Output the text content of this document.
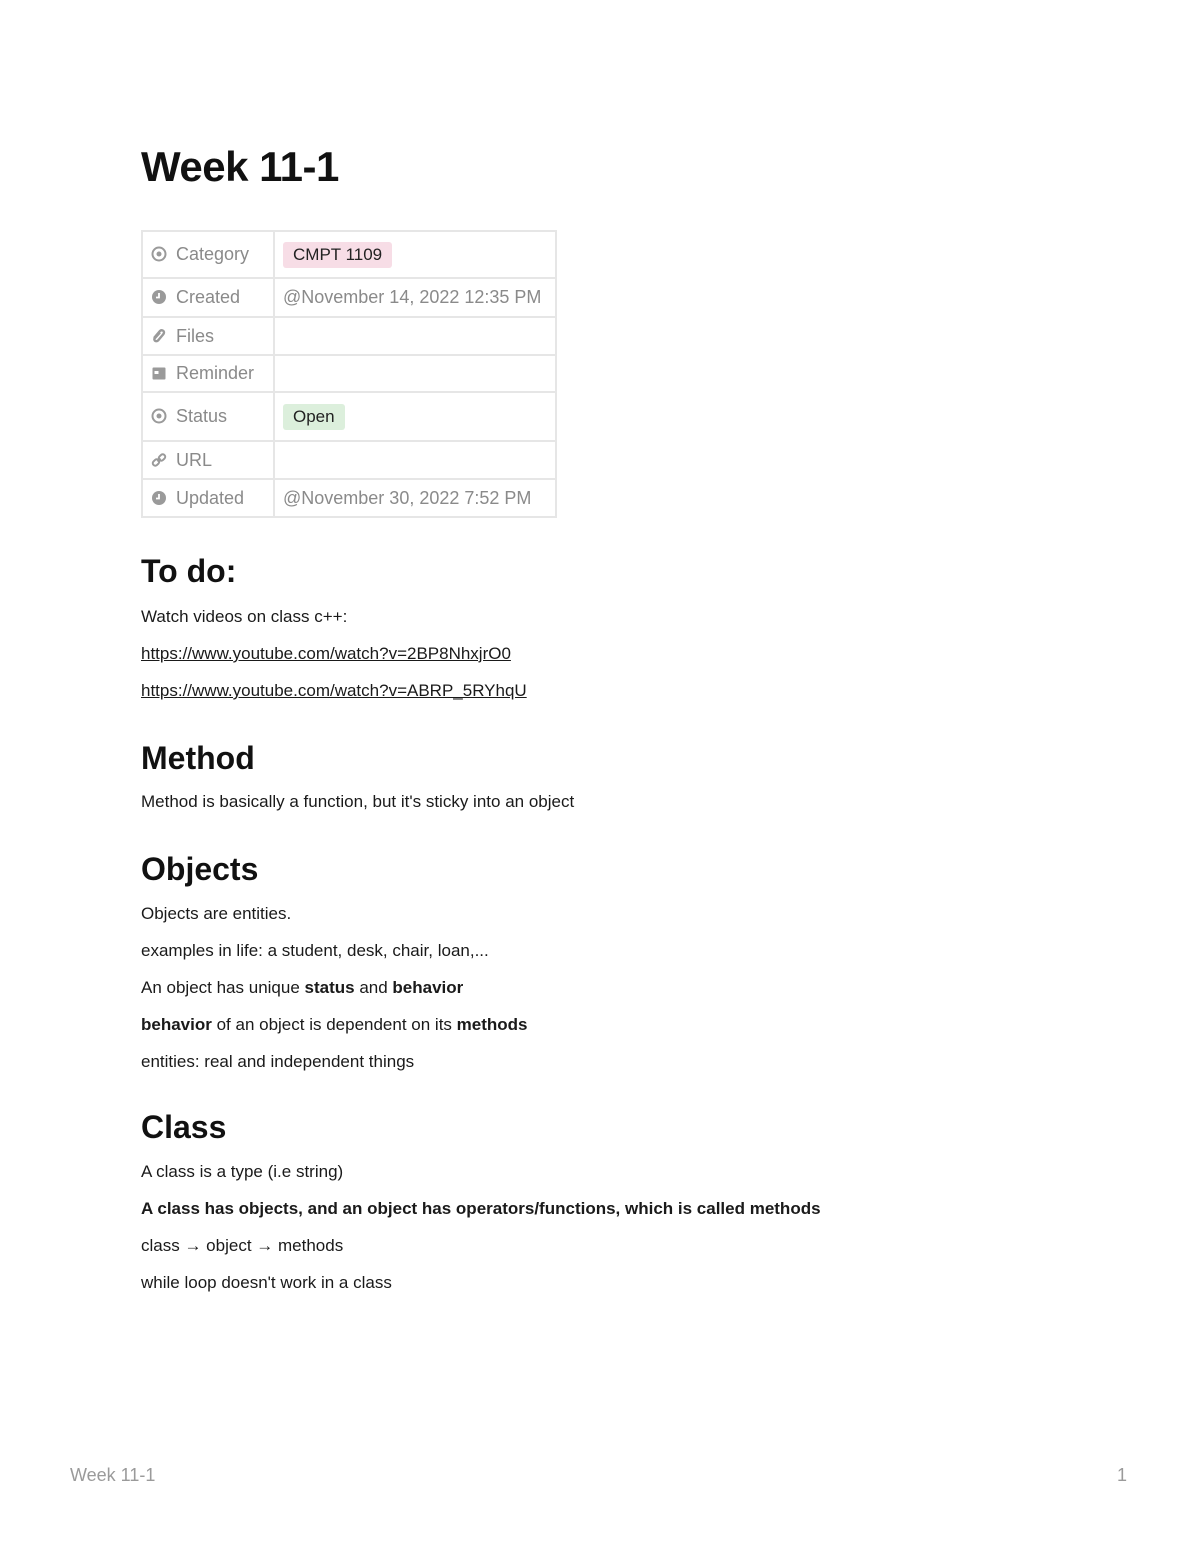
Week 11-1
Category	CMPT 1109
Created	@November 14, 2022 12:35 PM
Files	
Reminder	
Status	Open
URL	
Updated	@November 30, 2022 7:52 PM
To do:

Watch videos on class c++:

https://www.youtube.com/watch?v=2BP8NhxjrO0

https://www.youtube.com/watch?v=ABRP_5RYhqU

Method

Method is basically a function, but it's sticky into an object

Objects

Objects are entities.

examples in life: a student, desk, chair, loan,...

An object has unique status and behavior

behavior of an object is dependent on its methods

entities: real and independent things

Class

A class is a type (i.e string)

A class has objects, and an object has operators/functions, which is called methods

class → object → methods

while loop doesn't work in a class

Week 11-1	1
